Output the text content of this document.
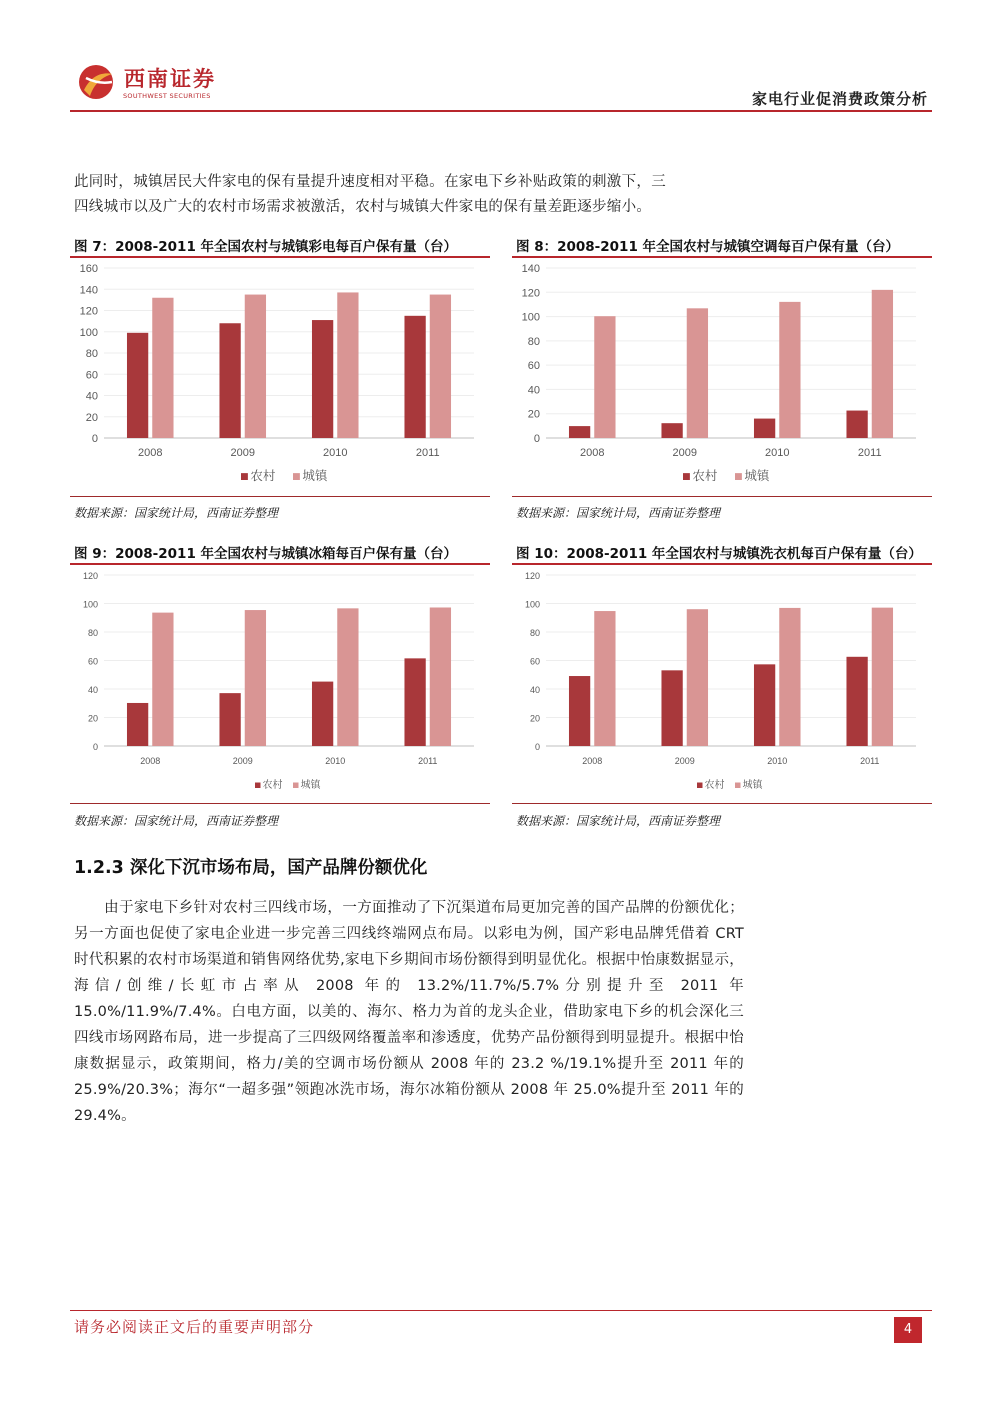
西南证券
SOUTHWEST SECURITIES	家电行业促消费政策分析
此同时，城镇居民大件家电的保有量提升速度相对平稳。在家电下乡补贴政策的刺激下，三
四线城市以及广大的农村市场需求被激活，农村与城镇大件家电的保有量差距逐步缩小。
图 7：2008-2011 年全国农村与城镇彩电每百户保有量（台）
0
20
40
60
80
100
120
140
160
2008	2009	2010	2011
农村 城镇
数据来源：国家统计局，西南证券整理
图 8：2008-2011 年全国农村与城镇空调每百户保有量（台）
0
20
40
60
80
100
120
140
2008	2009	2010	2011
农村 城镇
数据来源：国家统计局，西南证券整理
图 9：2008-2011 年全国农村与城镇冰箱每百户保有量（台）
0
20
40
60
80
100
120
2008	2009	2010	2011
农村 城镇
数据来源：国家统计局，西南证券整理
图 10：2008-2011 年全国农村与城镇洗衣机每百户保有量（台）
0
20
40
60
80
100
120
2008	2009	2010	2011
农村 城镇
数据来源：国家统计局，西南证券整理
1.2.3 深化下沉市场布局，国产品牌份额优化
由于家电下乡针对农村三四线市场，一方面推动了下沉渠道布局更加完善的国产品牌的份额优化；另一方面也促使了家电企业进一步完善三四线终端网点布局。以彩电为例，国产彩电品牌凭借着 CRT 时代积累的农村市场渠道和销售网络优势,家电下乡期间市场份额得到明显优化。根据中怡康数据显示，海信/创维/长虹市占率从 2008 年的 13.2%/11.7%/5.7%分别提升至 2011 年 15.0%/11.9%/7.4%。白电方面，以美的、海尔、格力为首的龙头企业，借助家电下乡的机会深化三四线市场网路布局，进一步提高了三四级网络覆盖率和渗透度，优势产品份额得到明显提升。根据中怡康数据显示，政策期间，格力/美的空调市场份额从 2008 年的 23.2 %/19.1%提升至 2011 年的 25.9%/20.3%；海尔“一超多强”领跑冰洗市场，海尔冰箱份额从 2008 年 25.0%提升至 2011 年的 29.4%。
请务必阅读正文后的重要声明部分	4
